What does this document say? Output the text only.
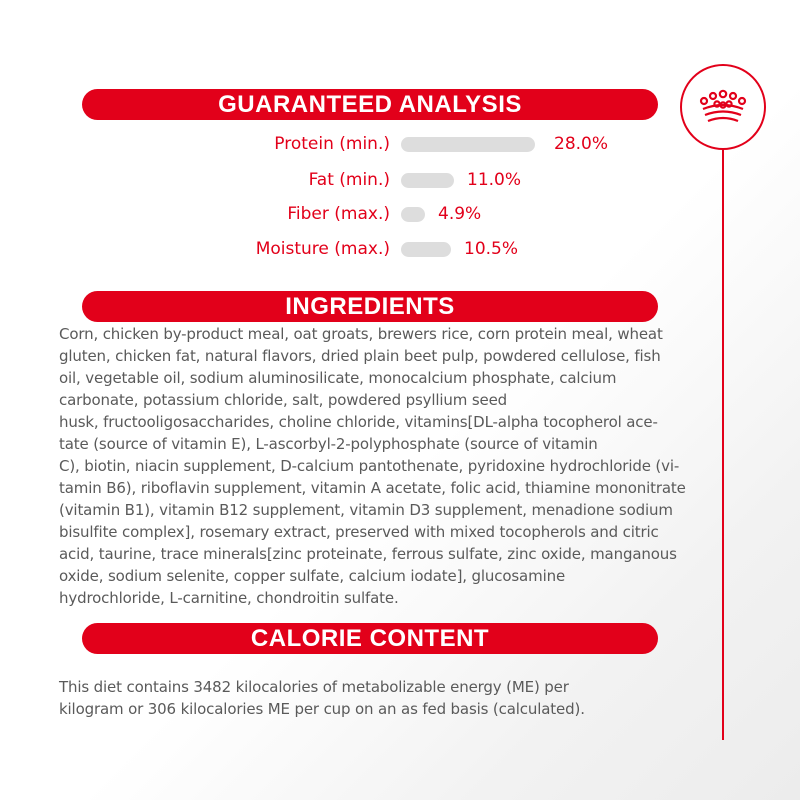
GUARANTEED ANALYSIS
Protein (min.)	28.0%
Fat (min.)	11.0%
Fiber (max.)	4.9%
Moisture (max.)	10.5%
INGREDIENTS
Corn, chicken by-product meal, oat groats, brewers rice, corn protein meal, wheat
gluten, chicken fat, natural flavors, dried plain beet pulp, powdered cellulose, fish
oil, vegetable oil, sodium aluminosilicate, monocalcium phosphate, calcium
carbonate, potassium chloride, salt, powdered psyllium seed
husk, fructooligosaccharides, choline chloride, vitamins[DL-alpha tocopherol ace-
tate (source of vitamin E), L-ascorbyl-2-polyphosphate (source of vitamin
C), biotin, niacin supplement, D-calcium pantothenate, pyridoxine hydrochloride (vi-
tamin B6), riboflavin supplement, vitamin A acetate, folic acid, thiamine mononitrate
(vitamin B1), vitamin B12 supplement, vitamin D3 supplement, menadione sodium
bisulfite complex], rosemary extract, preserved with mixed tocopherols and citric
acid, taurine, trace minerals[zinc proteinate, ferrous sulfate, zinc oxide, manganous
oxide, sodium selenite, copper sulfate, calcium iodate], glucosamine
hydrochloride, L-carnitine, chondroitin sulfate.
CALORIE CONTENT
This diet contains 3482 kilocalories of metabolizable energy (ME) per
kilogram or 306 kilocalories ME per cup on an as fed basis (calculated).
